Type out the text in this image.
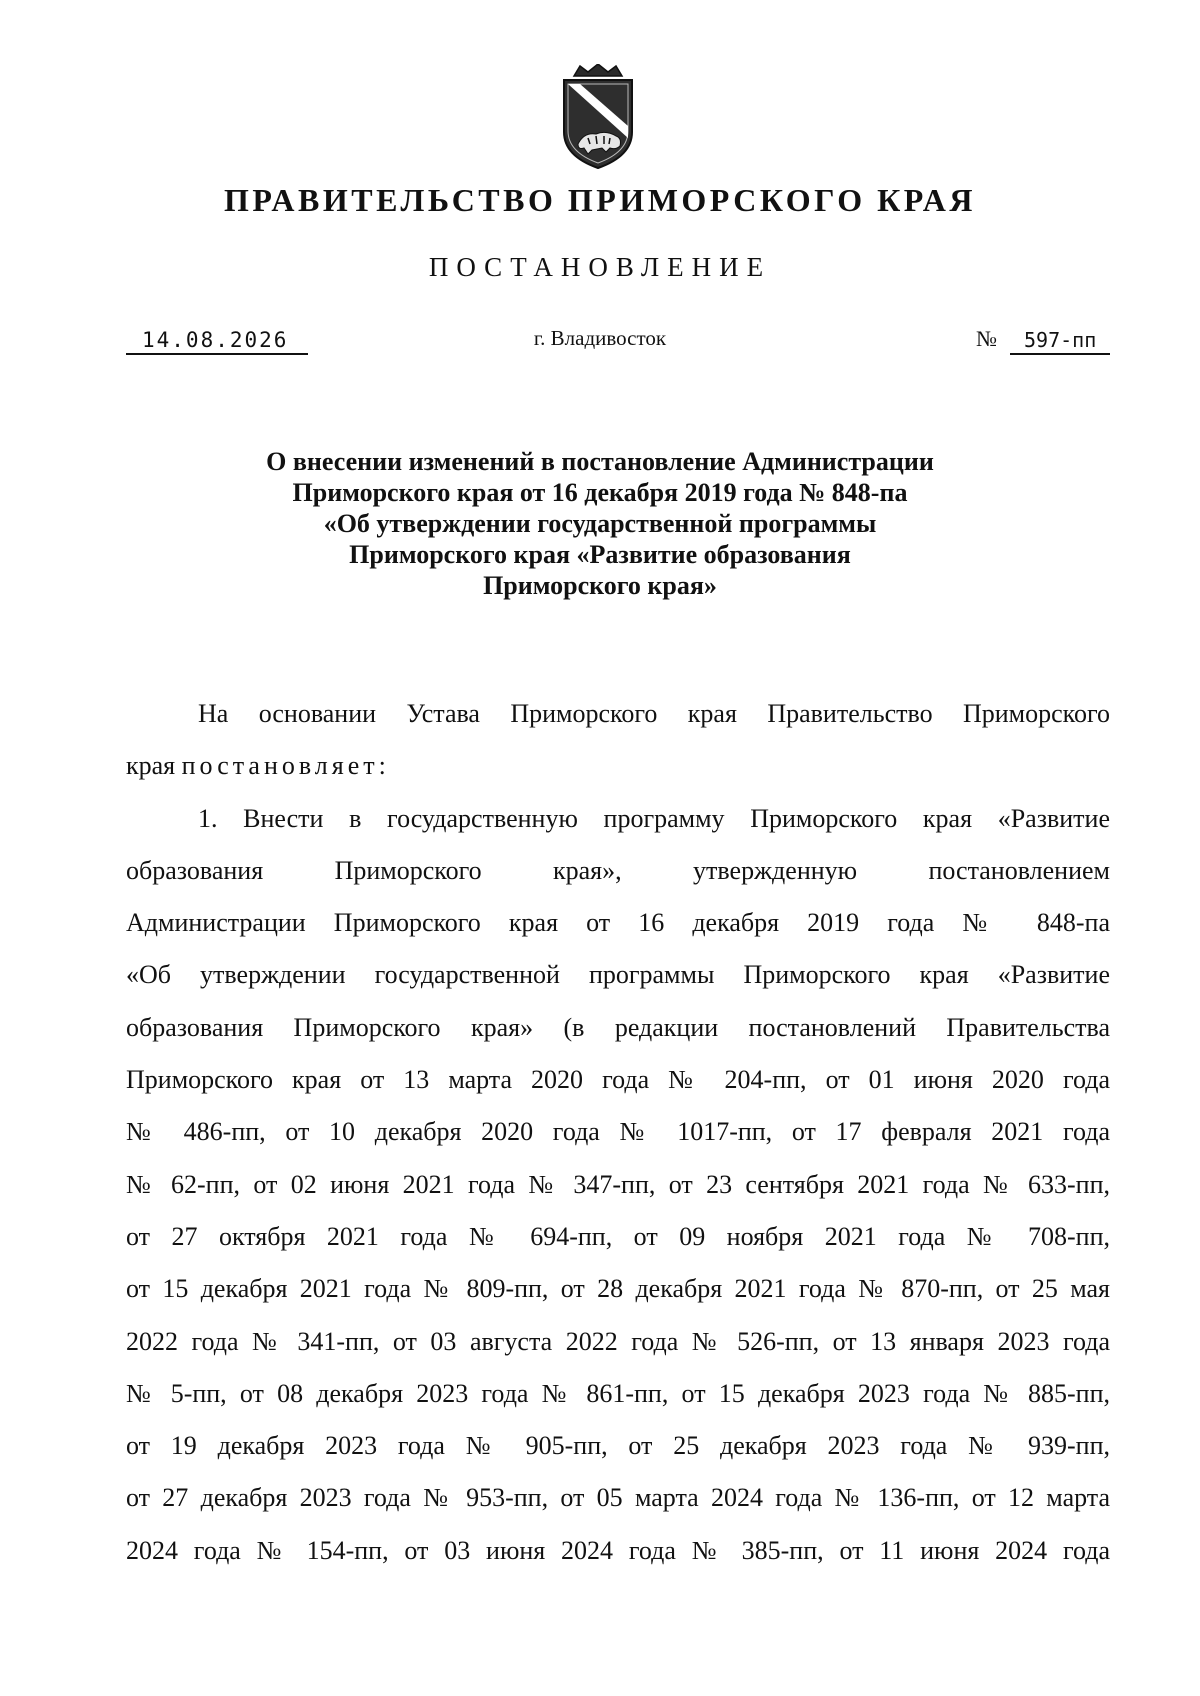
ПРАВИТЕЛЬСТВО ПРИМОРСКОГО КРАЯ
ПОСТАНОВЛЕНИЕ
14.08.2026	г. Владивосток	№	597-пп
О внесении изменений в постановление Администрации
Приморского края от 16 декабря 2019 года № 848-па
«Об утверждении государственной программы
Приморского края «Развитие образования
Приморского края»
На основании Устава Приморского края Правительство Приморского
края постановляет:
1. Внести в государственную программу Приморского края «Развитие
образования Приморского края», утвержденную постановлением
Администрации Приморского края от 16 декабря 2019 года № 848-па
«Об утверждении государственной программы Приморского края «Развитие
образования Приморского края» (в редакции постановлений Правительства
Приморского края от 13 марта 2020 года № 204-пп, от 01 июня 2020 года
№ 486-пп, от 10 декабря 2020 года № 1017-пп, от 17 февраля 2021 года
№ 62-пп, от 02 июня 2021 года № 347-пп, от 23 сентября 2021 года № 633-пп,
от 27 октября 2021 года № 694-пп, от 09 ноября 2021 года № 708-пп,
от 15 декабря 2021 года № 809-пп, от 28 декабря 2021 года № 870-пп, от 25 мая
2022 года № 341-пп, от 03 августа 2022 года № 526-пп, от 13 января 2023 года
№ 5-пп, от 08 декабря 2023 года № 861-пп, от 15 декабря 2023 года № 885-пп,
от 19 декабря 2023 года № 905-пп, от 25 декабря 2023 года № 939-пп,
от 27 декабря 2023 года № 953-пп, от 05 марта 2024 года № 136-пп, от 12 марта
2024 года № 154-пп, от 03 июня 2024 года № 385-пп, от 11 июня 2024 года
